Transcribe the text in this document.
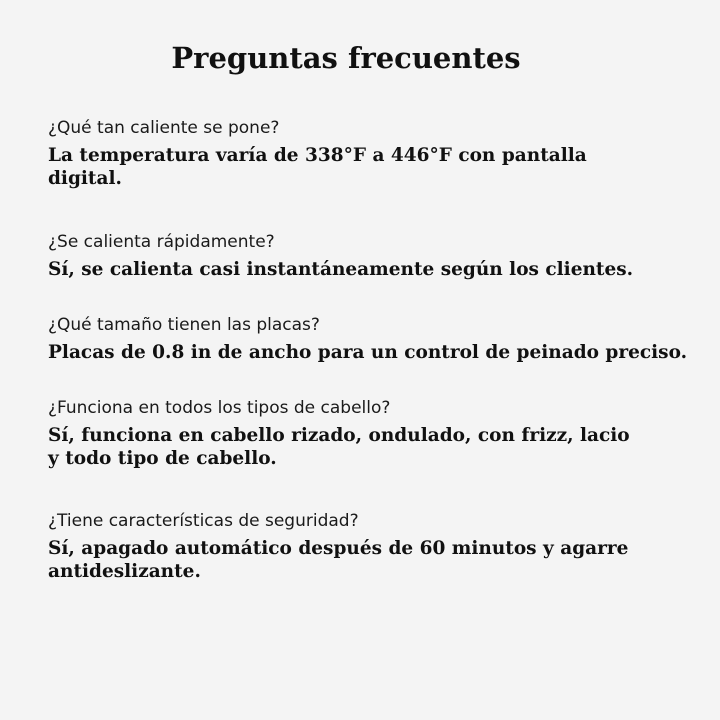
Preguntas frecuentes
¿Qué tan caliente se pone?
La temperatura varía de 338°F a 446°F con pantalla
digital.
¿Se calienta rápidamente?
Sí, se calienta casi instantáneamente según los clientes.
¿Qué tamaño tienen las placas?
Placas de 0.8 in de ancho para un control de peinado preciso.
¿Funciona en todos los tipos de cabello?
Sí, funciona en cabello rizado, ondulado, con frizz, lacio
y todo tipo de cabello.
¿Tiene características de seguridad?
Sí, apagado automático después de 60 minutos y agarre
antideslizante.
